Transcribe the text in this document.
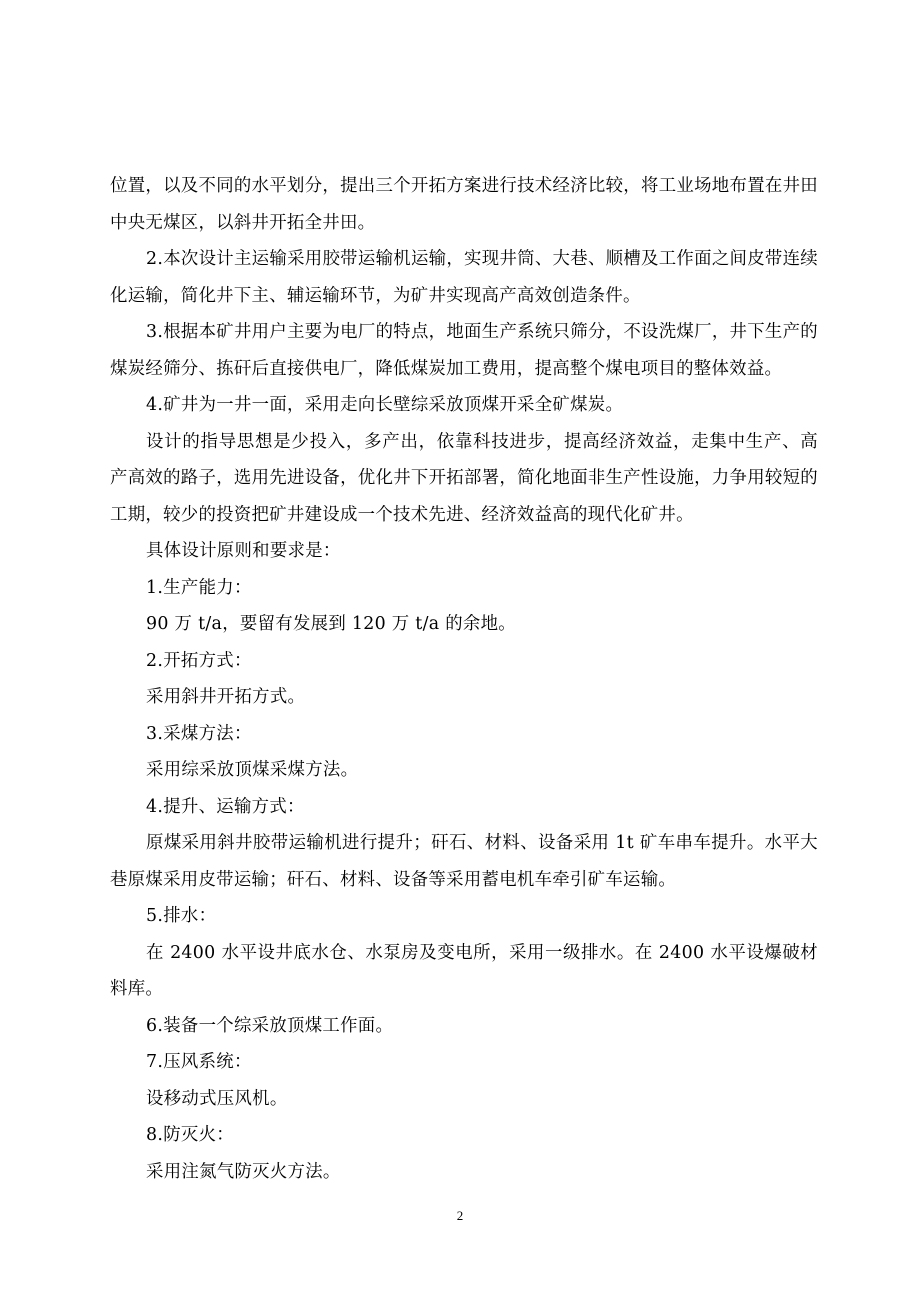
位置，以及不同的水平划分，提出三个开拓方案进行技术经济比较，将工业场地布置在井田中央无煤区，以斜井开拓全井田。

2.本次设计主运输采用胶带运输机运输，实现井筒、大巷、顺槽及工作面之间皮带连续化运输，简化井下主、辅运输环节，为矿井实现高产高效创造条件。

3.根据本矿井用户主要为电厂的特点，地面生产系统只筛分，不设洗煤厂，井下生产的煤炭经筛分、拣矸后直接供电厂，降低煤炭加工费用，提高整个煤电项目的整体效益。

4.矿井为一井一面，采用走向长壁综采放顶煤开采全矿煤炭。

设计的指导思想是少投入，多产出，依靠科技进步，提高经济效益，走集中生产、高产高效的路子，选用先进设备，优化井下开拓部署，简化地面非生产性设施，力争用较短的工期，较少的投资把矿井建设成一个技术先进、经济效益高的现代化矿井。

具体设计原则和要求是：

1.生产能力：

90 万 t/a，要留有发展到 120 万 t/a 的余地。

2.开拓方式：

采用斜井开拓方式。

3.采煤方法：

采用综采放顶煤采煤方法。

4.提升、运输方式：

原煤采用斜井胶带运输机进行提升；矸石、材料、设备采用 1t 矿车串车提升。水平大巷原煤采用皮带运输；矸石、材料、设备等采用蓄电机车牵引矿车运输。

5.排水：

在 2400 水平设井底水仓、水泵房及变电所，采用一级排水。在 2400 水平设爆破材料库。

6.装备一个综采放顶煤工作面。

7.压风系统：

设移动式压风机。

8.防灭火：

采用注氮气防灭火方法。

2
